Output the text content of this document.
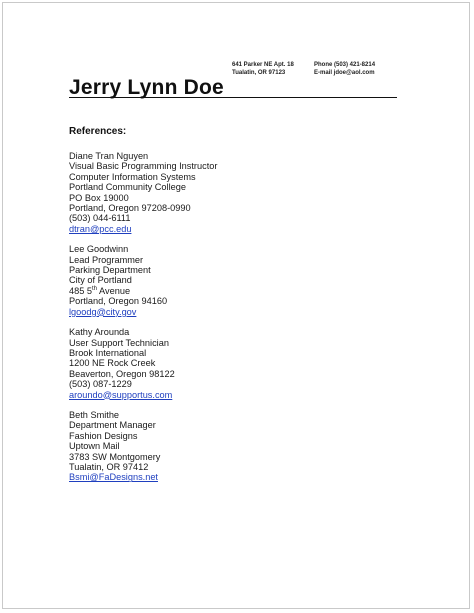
641 Parker NE Apt. 18
Tualatin, OR 97123
Phone (503) 421-8214
E-mail jdoe@aol.com
Jerry Lynn Doe
References:
Diane Tran Nguyen
Visual Basic Programming Instructor
Computer Information Systems
Portland Community College
PO Box 19000
Portland, Oregon 97208-0990
(503) 044-6111
dtran@pcc.edu
Lee Goodwinn
Lead Programmer
Parking Department
City of Portland
485 5th Avenue
Portland, Oregon 94160
lgoodg@city.gov
Kathy Arounda
User Support Technician
Brook International
1200 NE Rock Creek
Beaverton, Oregon 98122
(503) 087-1229
aroundo@supportus.com
Beth Smithe
Department Manager
Fashion Designs
Uptown Mail
3783 SW Montgomery
Tualatin, OR 97412
Bsmi@FaDesigns.net
